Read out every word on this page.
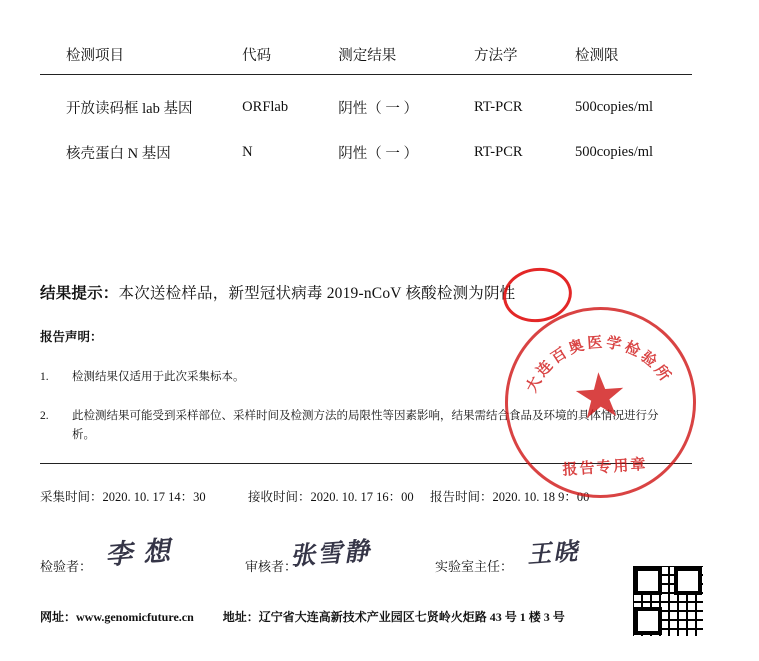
检测项目	代码	测定结果	方法学	检测限
开放读码框 lab 基因	ORFlab	阴性（ 一 ）	RT-PCR	500copies/ml
核壳蛋白 N 基因	N	阴性（ 一 ）	RT-PCR	500copies/ml
结果提示：本次送检样品，新型冠状病毒 2019-nCoV 核酸检测为阴性
报告声明：
1.	检测结果仅适用于此次采集标本。
2.	此检测结果可能受到采样部位、采样时间及检测方法的局限性等因素影响，结果需结合食品及环境的具体情况进行分析。
采集时间：2020. 10. 17 14：30	接收时间：2020. 10. 17 16：00 报告时间：2020. 10. 18 9：00
检验者：	审核者：	实验室主任：
李 想	张雪静	王晓
大连百奥医学检验所
★
报告专用章
网址：www.genomicfuture.cn 地址：辽宁省大连高新技术产业园区七贤岭火炬路 43 号 1 楼 3 号
